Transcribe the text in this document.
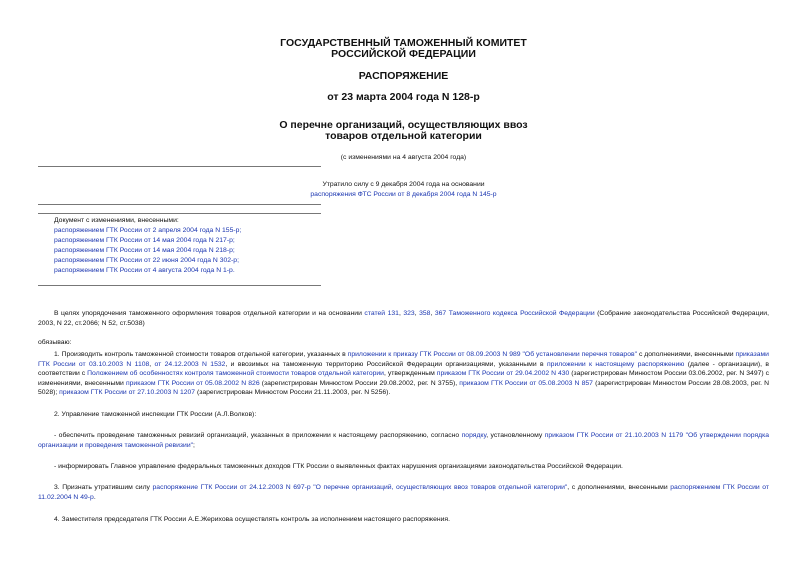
ГОСУДАРСТВЕННЫЙ ТАМОЖЕННЫЙ КОМИТЕТ
РОССИЙСКОЙ ФЕДЕРАЦИИ
РАСПОРЯЖЕНИЕ
от 23 марта 2004 года N 128-р
О перечне организаций, осуществляющих ввоз
товаров отдельной категории
(с изменениями на 4 августа 2004 года)
Утратило силу с 9 декабря 2004 года на основании
распоряжения ФТС России от 8 декабря 2004 года N 145-р
Документ с изменениями, внесенными:
распоряжением ГТК России от 2 апреля 2004 года N 155-р;
распоряжением ГТК России от 14 мая 2004 года N 217-р;
распоряжением ГТК России от 14 мая 2004 года N 218-р;
распоряжением ГТК России от 22 июня 2004 года N 302-р;
распоряжением ГТК России от 4 августа 2004 года N 1-р.

В целях упорядочения таможенного оформления товаров отдельной категории и на основании статей 131, 323, 358, 367 Таможенного кодекса Российской Федерации (Собрание законодательства Российской Федерации, 2003, N 22, ст.2066; N 52, ст.5038)

обязываю:

1. Производить контроль таможенной стоимости товаров отдельной категории, указанных в приложении к приказу ГТК России от 08.09.2003 N 989 "Об установлении перечня товаров" с дополнениями, внесенными приказами ГТК России от 03.10.2003 N 1108, от 24.12.2003 N 1532, и ввозимых на таможенную территорию Российской Федерации организациями, указанными в приложении к настоящему распоряжению (далее - организации), в соответствии с Положением об особенностях контроля таможенной стоимости товаров отдельной категории, утвержденным приказом ГТК России от 29.04.2002 N 430 (зарегистрирован Минюстом России 03.06.2002, рег. N 3497) с изменениями, внесенными приказом ГТК России от 05.08.2002 N 826 (зарегистрирован Минюстом России 29.08.2002, рег. N 3755), приказом ГТК России от 05.08.2003 N 857 (зарегистрирован Минюстом России 28.08.2003, рег. N 5028); приказом ГТК России от 27.10.2003 N 1207 (зарегистрирован Минюстом России 21.11.2003, рег. N 5256).

2. Управление таможенной инспекции ГТК России (А.Л.Волков):

- обеспечить проведение таможенных ревизий организаций, указанных в приложении к настоящему распоряжению, согласно порядку, установленному приказом ГТК России от 21.10.2003 N 1179 "Об утверждении порядка организации и проведения таможенной ревизии";

- информировать Главное управление федеральных таможенных доходов ГТК России о выявленных фактах нарушения организациями законодательства Российской Федерации.

3. Признать утратившим силу распоряжение ГТК России от 24.12.2003 N 697-р "О перечне организаций, осуществляющих ввоз товаров отдельной категории", с дополнениями, внесенными распоряжением ГТК России от 11.02.2004 N 49-р.

4. Заместителя председателя ГТК России А.Е.Жерихова осуществлять контроль за исполнением настоящего распоряжения.
